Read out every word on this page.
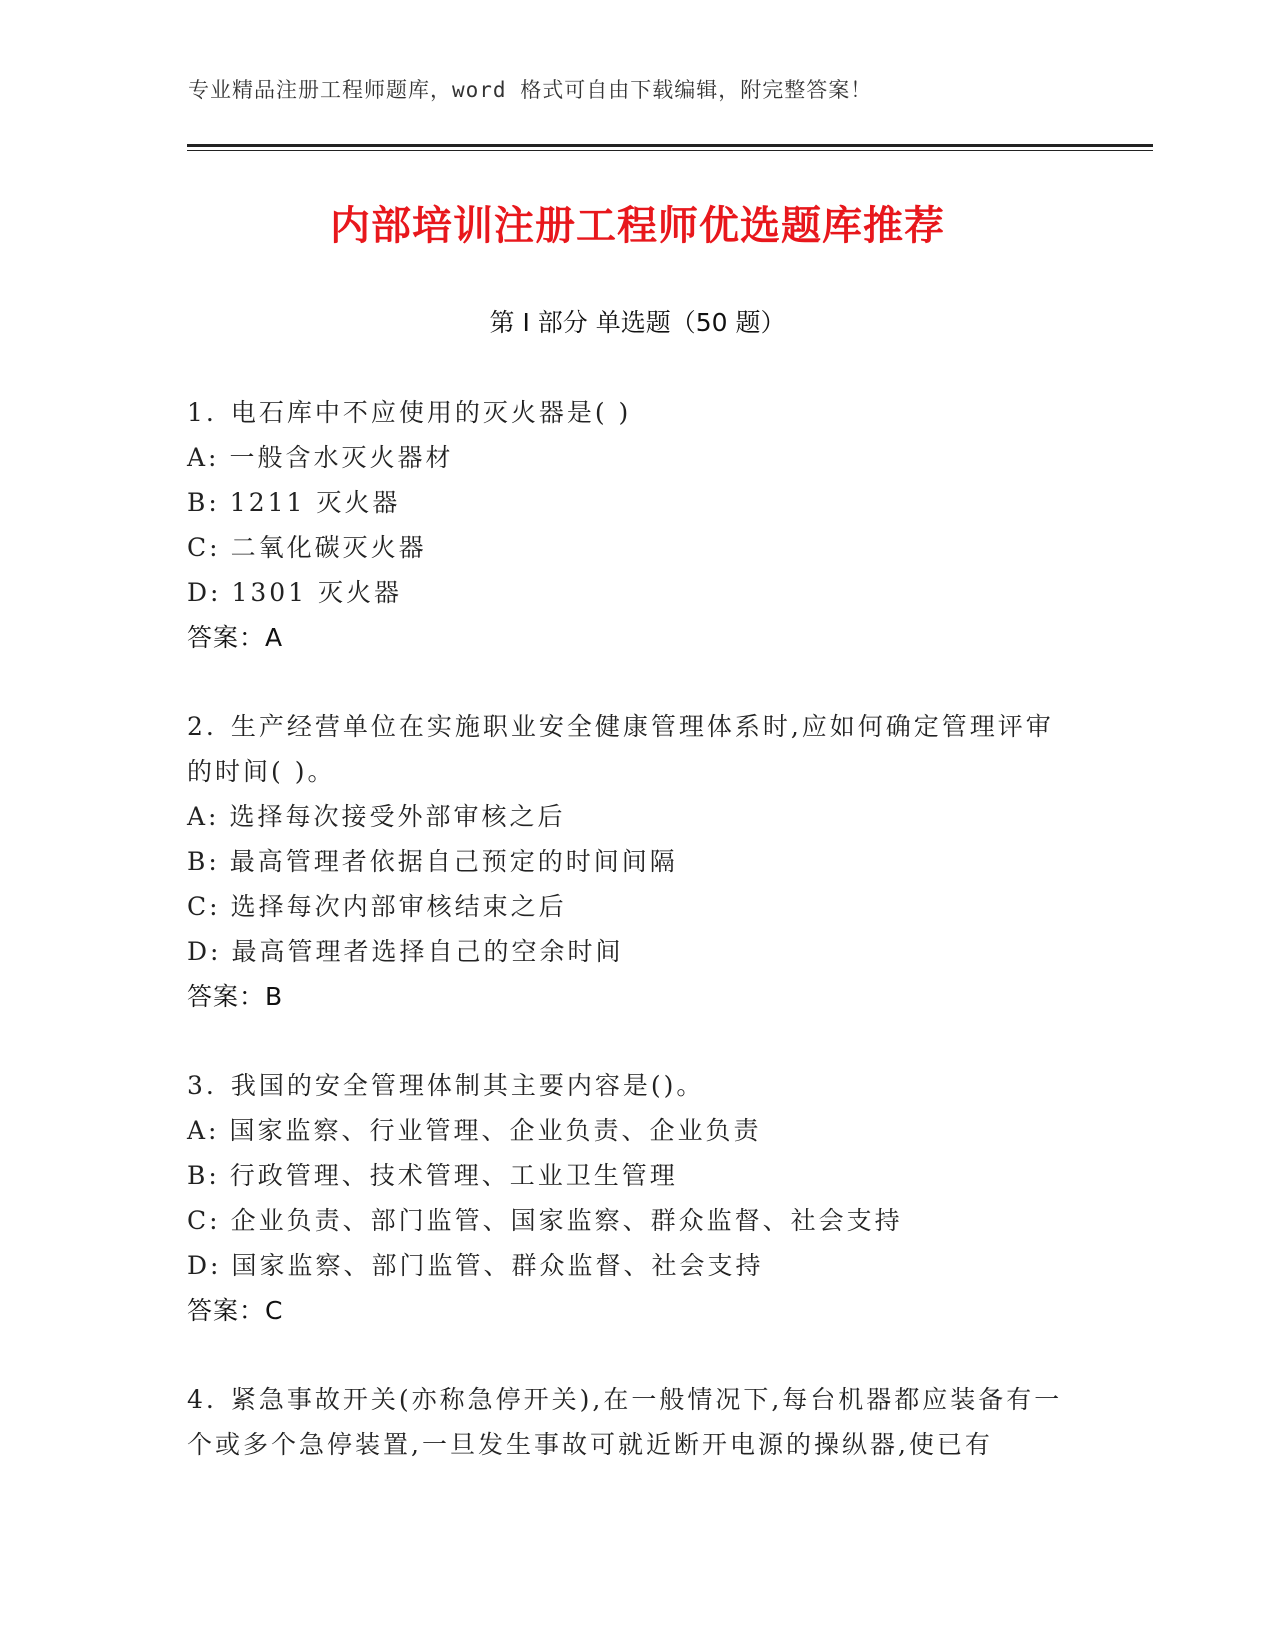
专业精品注册工程师题库，word 格式可自由下载编辑，附完整答案！
内部培训注册工程师优选题库推荐
第 I 部分 单选题（50 题）
1. 电石库中不应使用的灭火器是( )
A: 一般含水灭火器材
B: 1211 灭火器
C: 二氧化碳灭火器
D: 1301 灭火器
答案：A
2. 生产经营单位在实施职业安全健康管理体系时,应如何确定管理评审的时间( )。
A: 选择每次接受外部审核之后
B: 最高管理者依据自己预定的时间间隔
C: 选择每次内部审核结束之后
D: 最高管理者选择自己的空余时间
答案：B
3. 我国的安全管理体制其主要内容是()。
A: 国家监察、行业管理、企业负责、企业负责
B: 行政管理、技术管理、工业卫生管理
C: 企业负责、部门监管、国家监察、群众监督、社会支持
D: 国家监察、部门监管、群众监督、社会支持
答案：C
4. 紧急事故开关(亦称急停开关),在一般情况下,每台机器都应装备有一个或多个急停装置,一旦发生事故可就近断开电源的操纵器,使已有
